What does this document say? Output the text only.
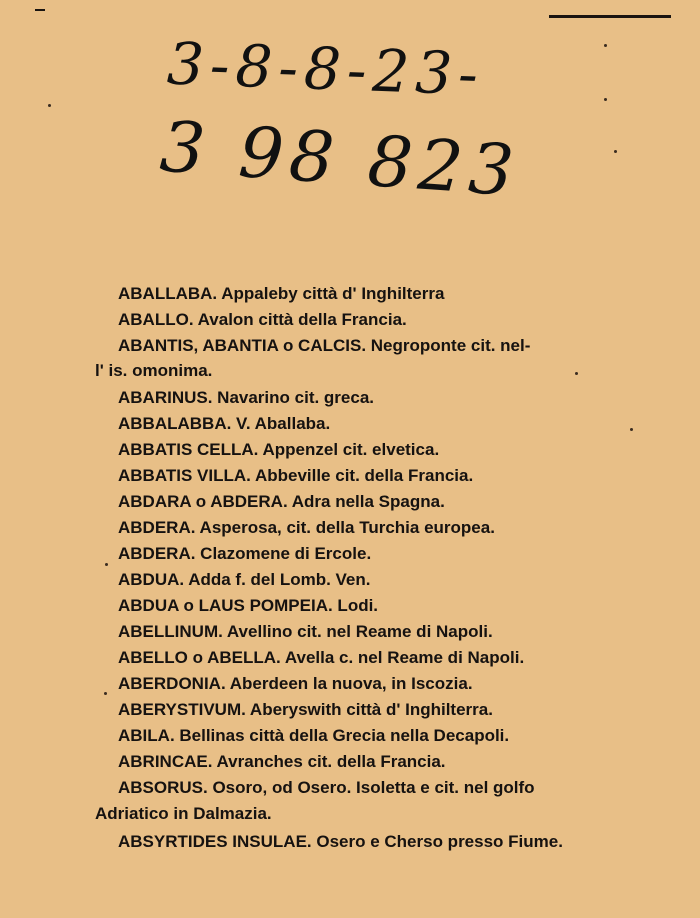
3-8-8-23-
3 98 823
ABALLABA. Appaleby città d' Inghilterra
ABALLO. Avalon città della Francia.
ABANTIS, ABANTIA o CALCIS. Negroponte cit. nel-
l' is. omonima.
ABARINUS. Navarino cit. greca.
ABBALABBA. V. Aballaba.
ABBATIS CELLA. Appenzel cit. elvetica.
ABBATIS VILLA. Abbeville cit. della Francia.
ABDARA o ABDERA. Adra nella Spagna.
ABDERA. Asperosa, cit. della Turchia europea.
ABDERA. Clazomene di Ercole.
ABDUA. Adda f. del Lomb. Ven.
ABDUA o LAUS POMPEIA. Lodi.
ABELLINUM. Avellino cit. nel Reame di Napoli.
ABELLO o ABELLA. Avella c. nel Reame di Napoli.
ABERDONIA. Aberdeen la nuova, in Iscozia.
ABERYSTIVUM. Aberyswith città d' Inghilterra.
ABILA. Bellinas città della Grecia nella Decapoli.
ABRINCAE. Avranches cit. della Francia.
ABSORUS. Osoro, od Osero. Isoletta e cit. nel golfo
Adriatico in Dalmazia.
ABSYRTIDES INSULAE. Osero e Cherso presso Fiume.
